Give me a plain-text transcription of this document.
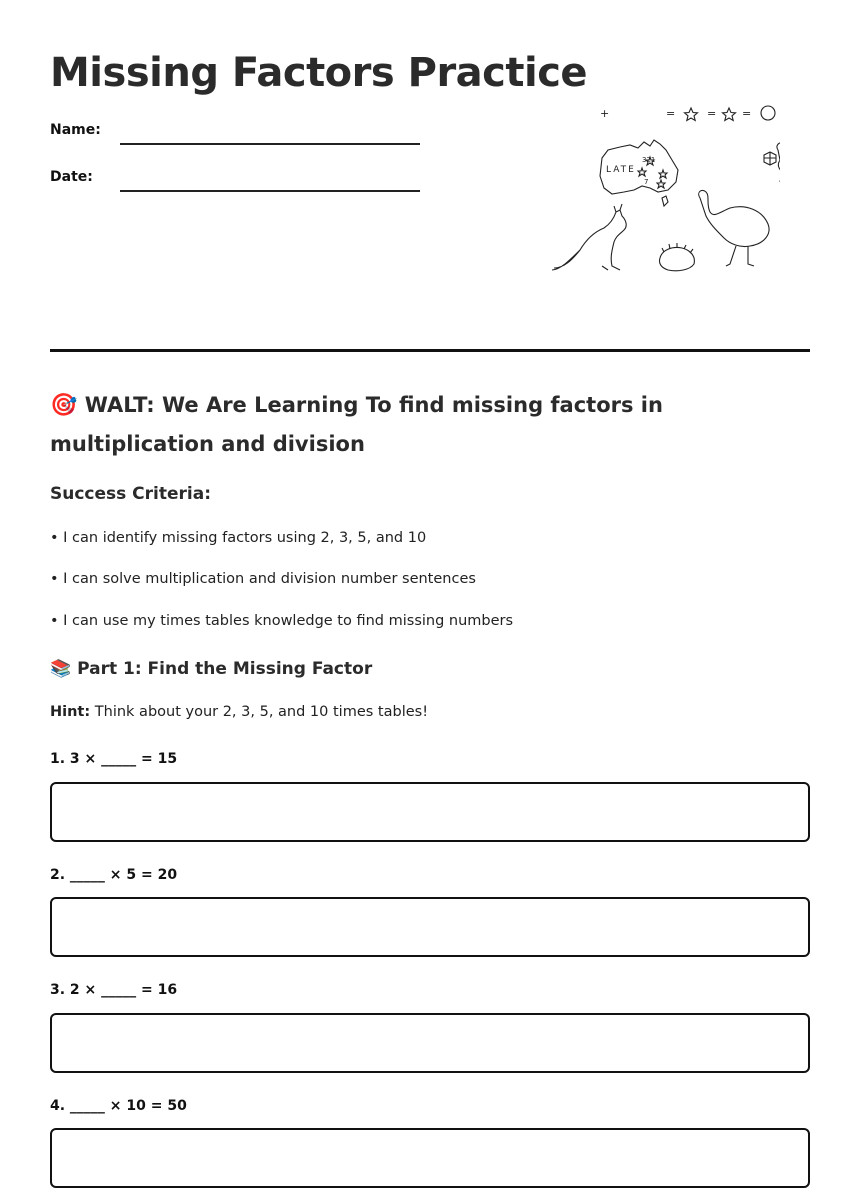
Missing Factors Practice
Name:
Date:
+	=	= =
LATE
321
7
🎯 WALT: We Are Learning To find missing factors in multiplication and division
Success Criteria:
• I can identify missing factors using 2, 3, 5, and 10
• I can solve multiplication and division number sentences
• I can use my times tables knowledge to find missing numbers
📚 Part 1: Find the Missing Factor
Hint: Think about your 2, 3, 5, and 10 times tables!
1. 3 × _____ = 15
2. _____ × 5 = 20
3. 2 × _____ = 16
4. _____ × 10 = 50
